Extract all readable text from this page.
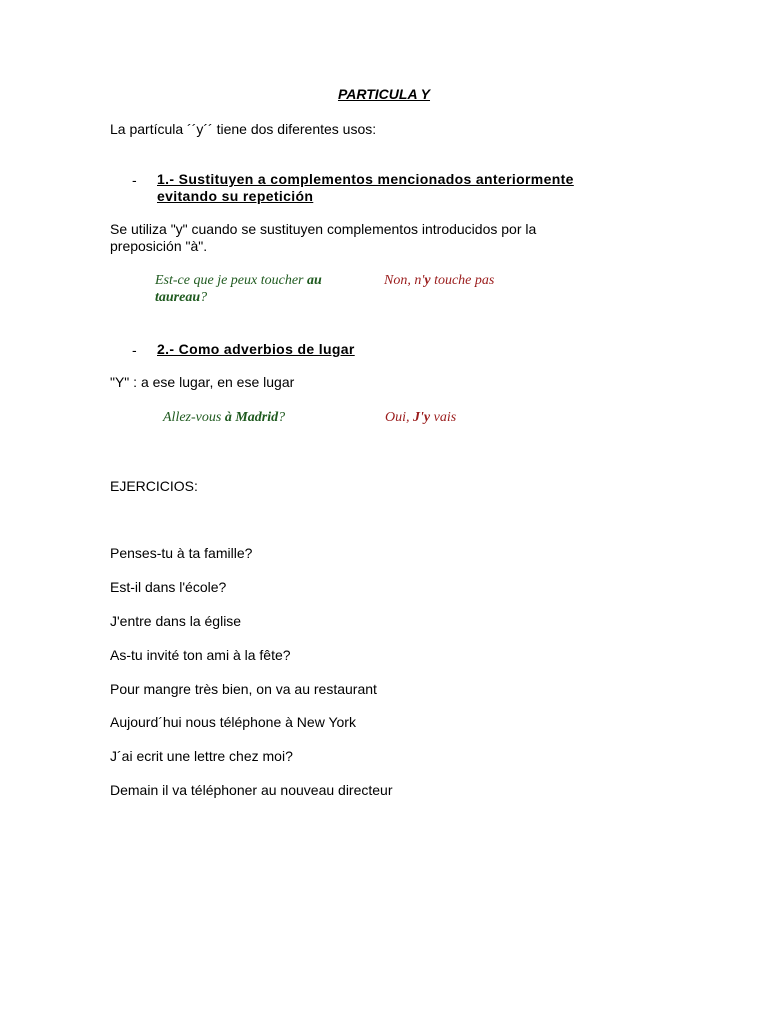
PARTICULA Y
La partícula ´´y´´ tiene dos diferentes usos:
- 1.- Sustituyen a complementos mencionados anteriormente
evitando su repetición
Se utiliza "y" cuando se sustituyen complementos introducidos por la
preposición "à".
Est-ce que je peux toucher au
taureau?
Non, n'y touche pas
- 2.- Como adverbios de lugar
"Y" : a ese lugar, en ese lugar
Allez-vous à Madrid?	Oui, J'y vais
EJERCICIOS:
Penses-tu à ta famille?
Est-il dans l'école?
J'entre dans la église
As-tu invité ton ami à la fête?
Pour mangre très bien, on va au restaurant
Aujourd´hui nous téléphone à New York
J´ai ecrit une lettre chez moi?
Demain il va téléphoner au nouveau directeur
